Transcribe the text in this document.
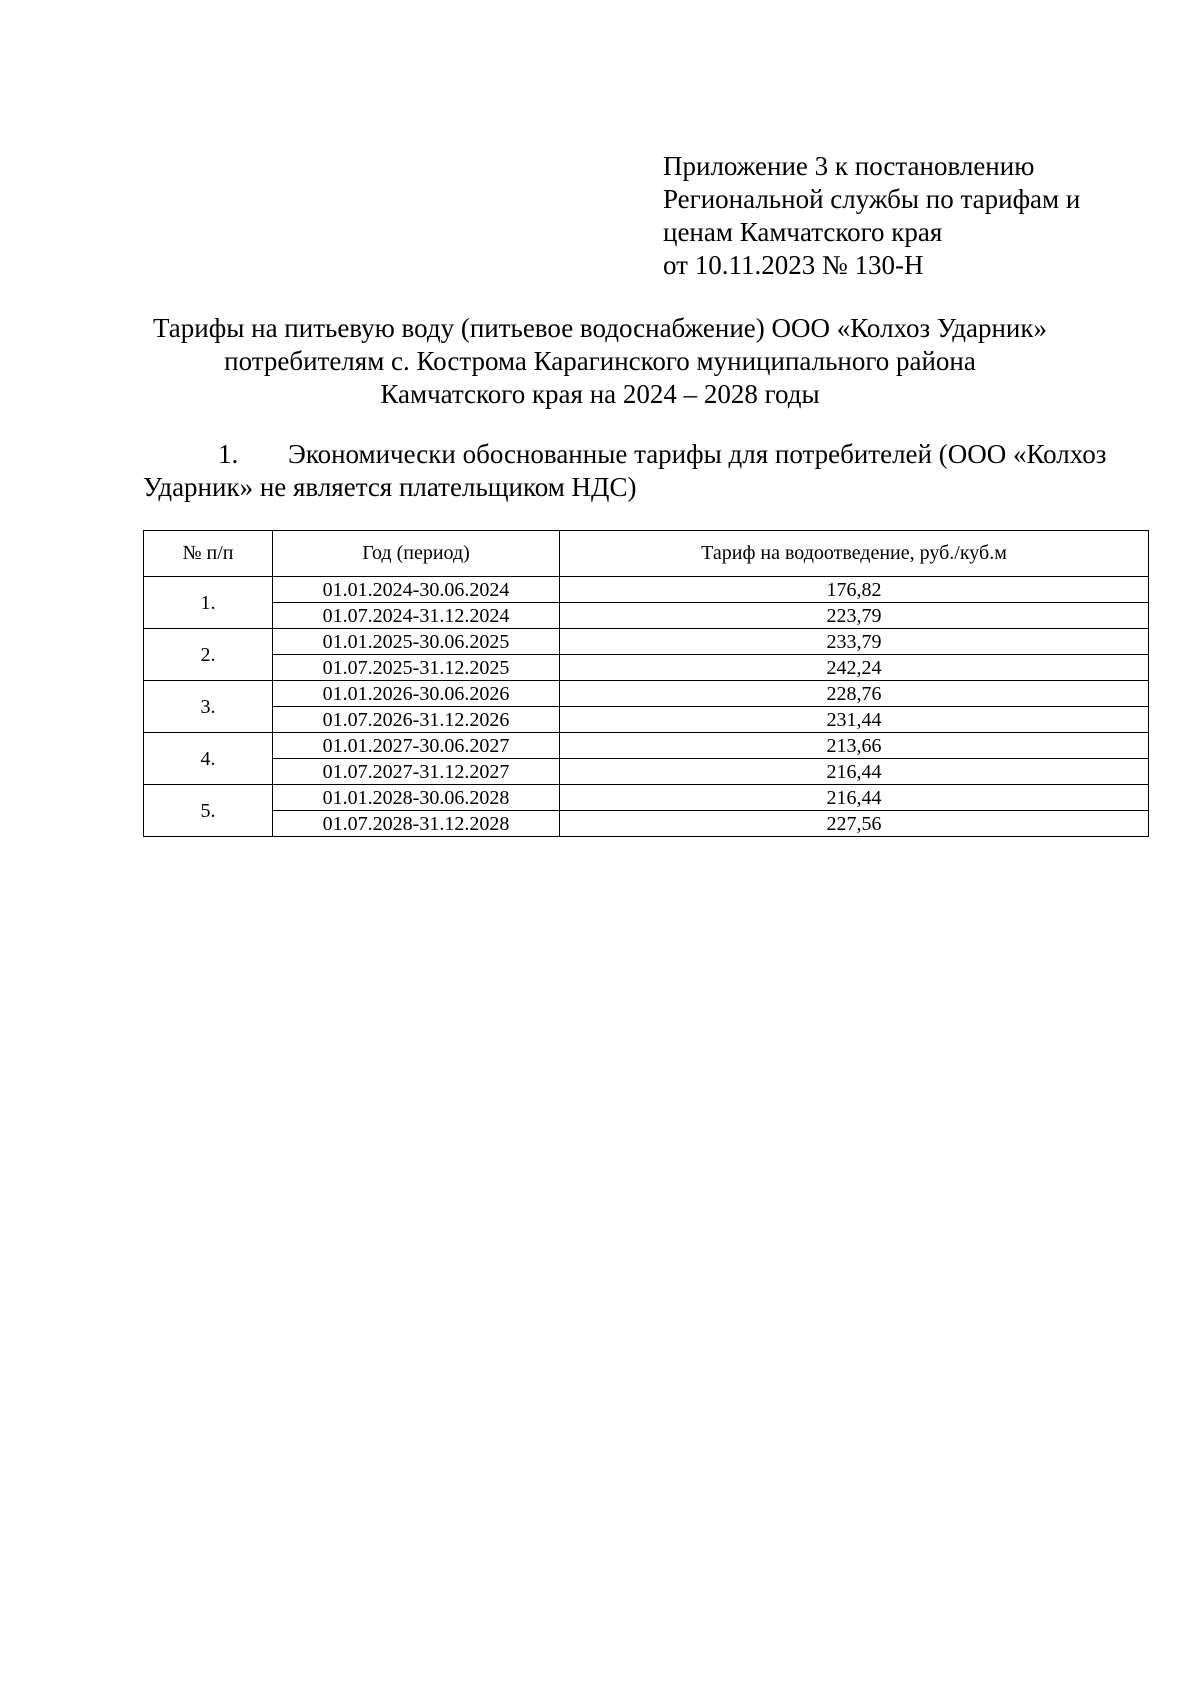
Приложение 3 к постановлению
Региональной службы по тарифам и
ценам Камчатского края
от 10.11.2023 № 130-Н
Тарифы на питьевую воду (питьевое водоснабжение) ООО «Колхоз Ударник»
потребителям с. Кострома Карагинского муниципального района
Камчатского края на 2024 – 2028 годы
1. Экономически обоснованные тарифы для потребителей (ООО «Колхоз
Ударник» не является плательщиком НДС)
№ п/п	Год (период)	Тариф на водоотведение, руб./куб.м
1.	01.01.2024-30.06.2024	176,82
	01.07.2024-31.12.2024	223,79
2.	01.01.2025-30.06.2025	233,79
	01.07.2025-31.12.2025	242,24
3.	01.01.2026-30.06.2026	228,76
	01.07.2026-31.12.2026	231,44
4.	01.01.2027-30.06.2027	213,66
	01.07.2027-31.12.2027	216,44
5.	01.01.2028-30.06.2028	216,44
	01.07.2028-31.12.2028	227,56
